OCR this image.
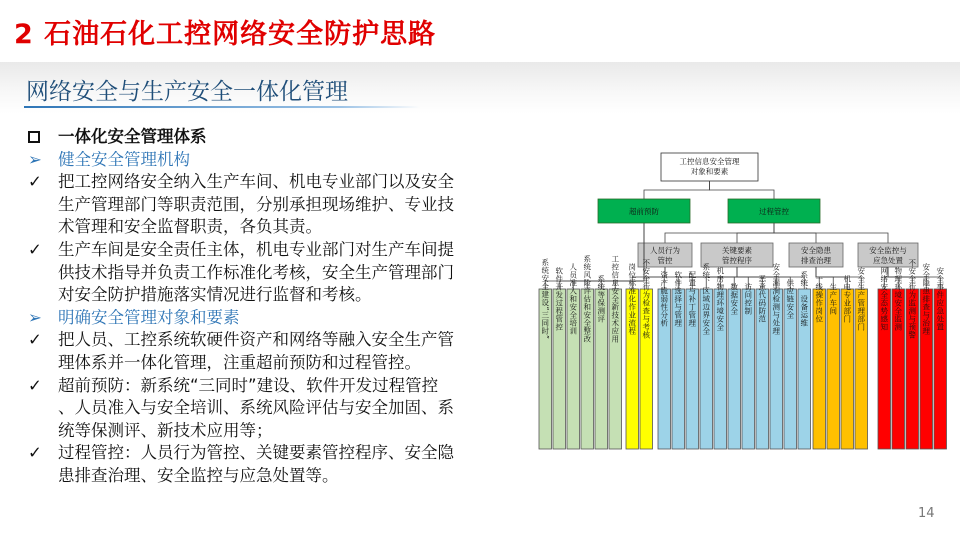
2 石油石化工控网络安全防护思路
网络安全与生产安全一体化管理
一体化安全管理体系
➢ 健全安全管理机构
✓ 把工控网络安全纳入生产车间、机电专业部门以及安全
生产管理部门等职责范围，分别承担现场维护、专业技
术管理和安全监督职责，各负其责。
✓ 生产车间是安全责任主体，机电专业部门对生产车间提
供技术指导并负责工作标准化考核，安全生产管理部门
对安全防护措施落实情况进行监督和考核。
➢ 明确安全管理对象和要素
✓ 把人员、工控系统软硬件资产和网络等融入安全生产管
理体系并一体化管理，注重超前预防和过程管控。
✓ 超前预防：新系统“三同时”建设、软件开发过程管控
、人员准入与安全培训、系统风险评估与安全加固、系
统等保测评、新技术应用等；
✓ 过程管控：人员行为管控、关键要素管控程序、安全隐
患排查治理、安全监控与应急处置等。
工控信息安全管理
对象和要素
超前预防	过程管控
人员行为
管控
关键要素
管控程序
安全隐患
排查治理
安全监控与
应急处置
系统安全建设“三同时” 软件开发过程管控 人员准入和安全培训 系统风险评估和安全整改 系统等保测评 工控信息安全新技术应用 岗位标准化作业流程 不安全行为检查与考核 资产脆弱性分析 软件选择与管理 配置与补丁管理 系统、区域边界安全 机房物理环境安全 数据安全 访问控制 恶意代码防范 安全漏洞检测与处理 供应链安全 系统、设备运维 一线操作岗位 生产车间 机电专业部门 安全生产管理部门 网络安全态势感知 物理环境安全监测 不安全行为监测与预警 安全隐患排查与治理 安全事件应急处置
14
